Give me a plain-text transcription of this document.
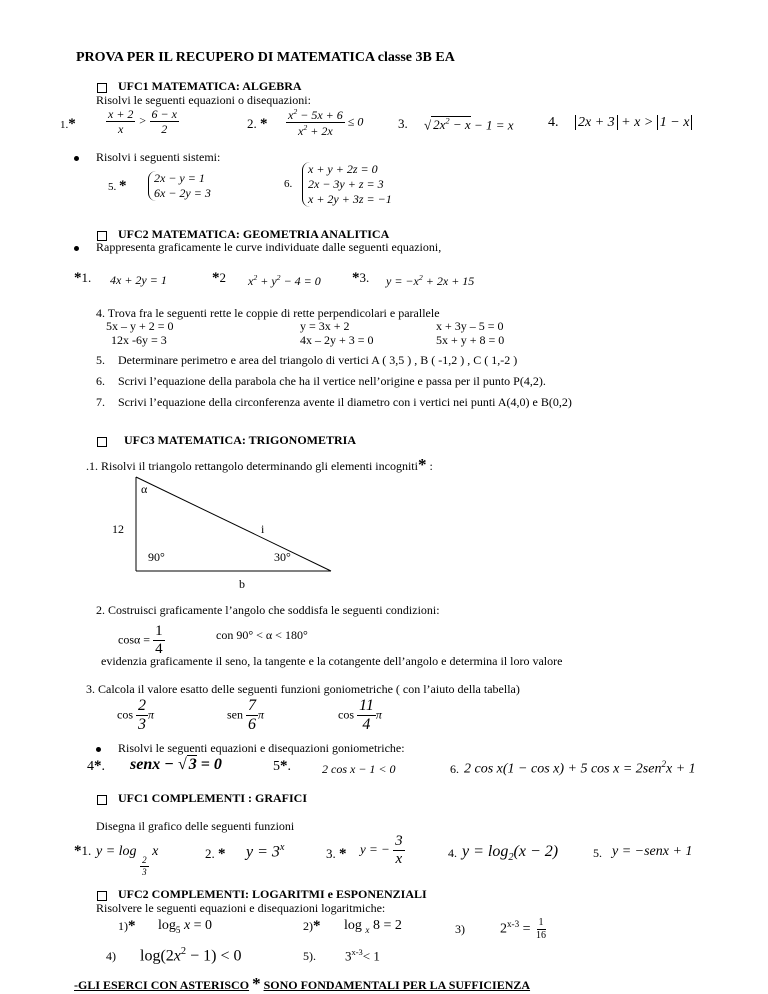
PROVA PER IL RECUPERO DI MATEMATICA classe 3B EA
UFC1 MATEMATICA: ALGEBRA
Risolvi le seguenti equazioni o disequazioni:
1.*	$\frac{x + 2}{x} > \frac{6 - x}{2}$	2. * $\frac{x^2 - 5x + 6}{x^2 + 2x} \le 0$	3. √ $2x^2 - x - 1 = x$ 4. 2x + 3 + x > 1 − x
Risolvi i seguenti sistemi:
5. * 2x − y = 1
6x − 2y = 3
6.
x + y + 2z = 0
2x − 3y + z = 3
x + 2y + 3z = −1
UFC2 MATEMATICA: GEOMETRIA ANALITICA
Rappresenta graficamente le curve individuate dalle seguenti equazioni,
*1. 4x + 2y = 1	*2 $x^2 + y^2 - 4 = 0$ *3. $y = -x^2 + 2x + 15$
4. Trova fra le seguenti rette le coppie di rette perpendicolari e parallele
5x – y + 2 = 0	y = 3x + 2	x + 3y – 5 = 0
12x -6y = 3	4x – 2y + 3 = 0	5x + y + 8 = 0
5. Determinare perimetro e area del triangolo di vertici A ( 3,5 ) , B ( -1,2 ) , C ( 1,-2 )
6. Scrivi l’equazione della parabola che ha il vertice nell’origine e passa per il punto P(4,2).
7. Scrivi l’equazione della circonferenza avente il diametro con i vertici nei punti A(4,0) e B(0,2)
UFC3 MATEMATICA: TRIGONOMETRIA
.1. Risolvi il triangolo rettangolo determinando gli elementi incogniti* :
α
12	i
90°	30°
b
2. Costruisci graficamente l’angolo che soddisfa le seguenti condizioni:
$\cos\alpha = \frac{1}{4}$	con 90° < α < 180°
evidenzia graficamente il seno, la tangente e la cotangente dell’angolo e determina il loro valore
3. Calcola il valore esatto delle seguenti funzioni goniometriche ( con l’aiuto della tabella)
$\cos \frac{2}{3}$ π	sen $\frac{7}{6}$ π	$\cos \frac{11}{4}$ π
Risolvi le seguenti equazioni e disequazioni goniometriche:
4*. senx − √ 3 = 0	5*.	2 cos x − 1 < 0	6. 2 cos x(1 − cos x) + 5 cos x = 2sen$^2$x + 1
UFC1 COMPLEMENTI : GRAFICI
Disegna il grafico delle seguenti funzioni
*1. y = log
$\frac{2}{3}$
x	2. * $y = 3^x$	3. * y = − $\frac{3}{x}$	4. $y = \log_2(x - 2)$	5. y = −senx + 1
UFC2 COMPLEMENTI: LOGARITMI e ESPONENZIALI
Risolvere le seguenti equazioni e disequazioni logaritmiche:
1)* $\log_5 x = 0$	2)* log $_x$ 8 = 2	3)	$2^{x-3} = \frac{1}{16}$
4) $\log(2x^2 - 1) < 0$	5). $3^{x-3}< 1$
-GLI ESERCI CON ASTERISCO * SONO FONDAMENTALI PER LA SUFFICIENZA
